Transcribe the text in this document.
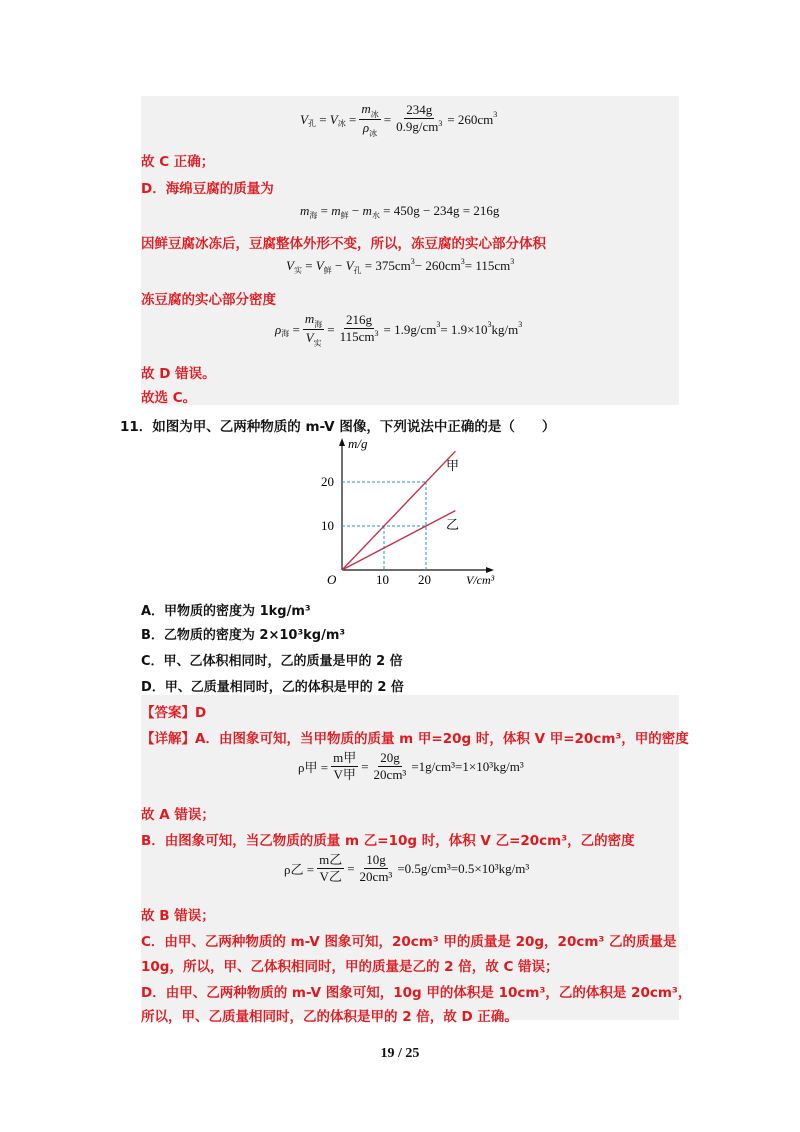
V 孔 = V 冰 = $\frac{m_冰}{\rho_冰} = \frac{234g}{0.9g/cm^3} = 260cm$ 3
故 C 正确；
D．海绵豆腐的质量为
m 海 = m 鲜 − m 水
= 450g − 234g = 216g
因鲜豆腐冰冻后，豆腐整体外形不变，所以，冻豆腐的实心部分体积
V 实 = V 鲜 − V 孔
= 375cm 3 − 260cm 3 = 115cm 3
冻豆腐的实心部分密度
ρ 海 = $\frac{m_海}{V_实} = \frac{216g}{115cm^3} = 1.9g/cm$ 3 = 1.9×10 3 kg/m 3
故 D 错误。
故选 C。
11．如图为甲、乙两种物质的 m-V 图像，下列说法中正确的是（　　）
m/g
V/cm³
O
20
10
10 20
甲
乙
A．甲物质的密度为 1kg/m³
B．乙物质的密度为 2×10³kg/m³
C．甲、乙体积相同时，乙的质量是甲的 2 倍
D．甲、乙质量相同时，乙的体积是甲的 2 倍
【答案】D
【详解】A．由图象可知，当甲物质的质量 m 甲=20g 时，体积 V 甲=20cm³，甲的密度
ρ甲 = $\frac{\text{m甲}}{\text{V甲}} = \frac{20g}{\text{20cm³}} =1g/cm^3=1\times 10^3kg/m^3$
故 A 错误；
B．由图象可知，当乙物质的质量 m 乙=10g 时，体积 V 乙=20cm³，乙的密度
ρ乙 = $\frac{\text{m乙}}{\text{V乙}} = \frac{10g}{\text{20cm³}} =0.5g/cm^3=0.5\times 10^3kg/m^3$
故 B 错误；
C．由甲、乙两种物质的 m-V 图象可知，20cm³ 甲的质量是 20g，20cm³ 乙的质量是
10g，所以，甲、乙体积相同时，甲的质量是乙的 2 倍，故 C 错误；
D．由甲、乙两种物质的 m-V 图象可知，10g 甲的体积是 10cm³，乙的体积是 20cm³，
所以，甲、乙质量相同时，乙的体积是甲的 2 倍，故 D 正确。
19 / 25
